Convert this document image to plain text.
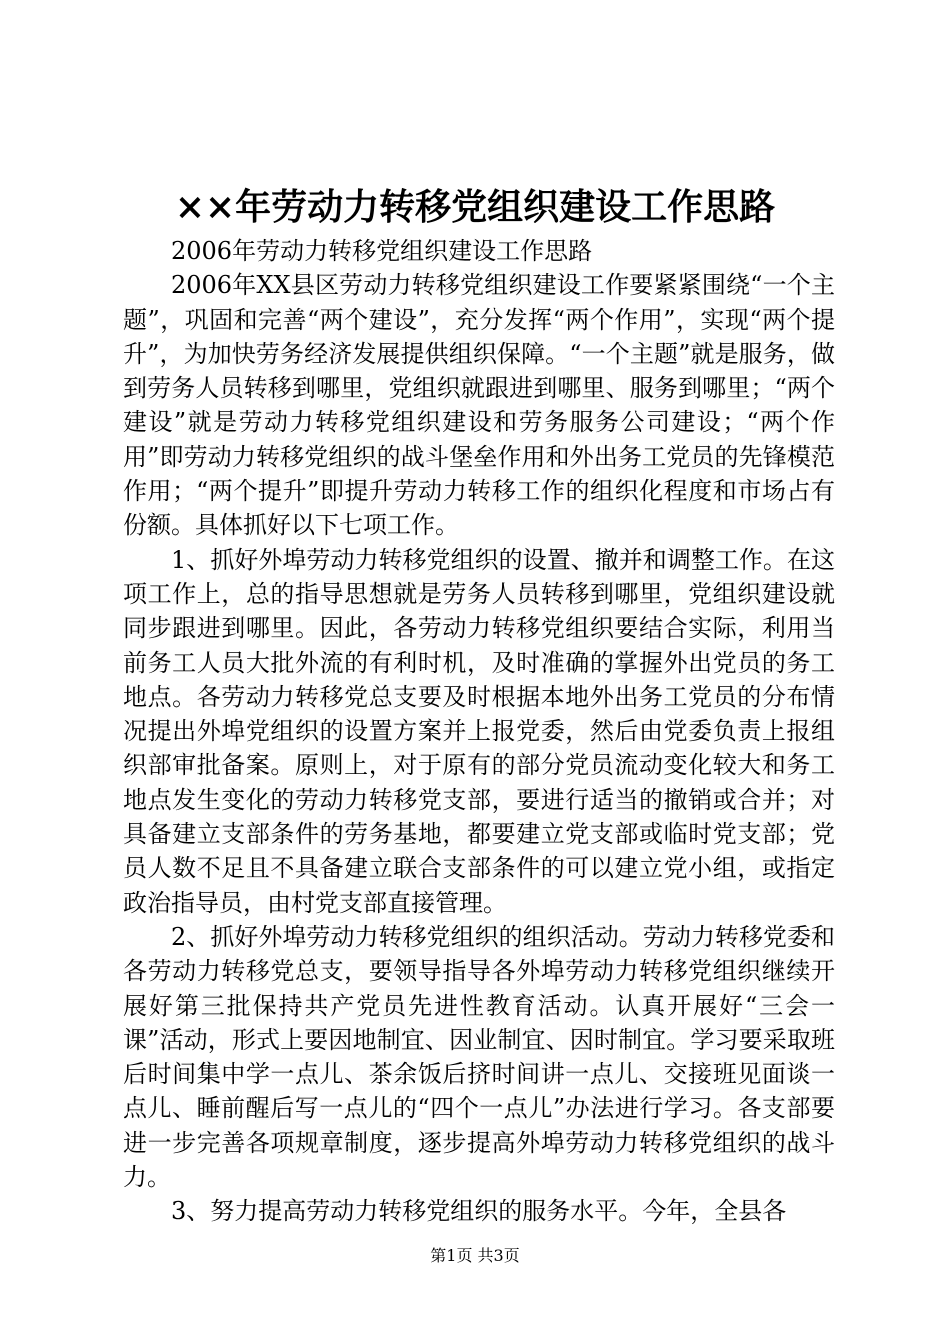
××年劳动力转移党组织建设工作思路

2006年劳动力转移党组织建设工作思路

2006年XX县区劳动力转移党组织建设工作要紧紧围绕“一个主题”，巩固和完善“两个建设”，充分发挥“两个作用”，实现“两个提升”，为加快劳务经济发展提供组织保障。“一个主题”就是服务，做到劳务人员转移到哪里，党组织就跟进到哪里、服务到哪里；“两个建设”就是劳动力转移党组织建设和劳务服务公司建设；“两个作用”即劳动力转移党组织的战斗堡垒作用和外出务工党员的先锋模范作用；“两个提升”即提升劳动力转移工作的组织化程度和市场占有份额。具体抓好以下七项工作。

1、抓好外埠劳动力转移党组织的设置、撤并和调整工作。在这项工作上，总的指导思想就是劳务人员转移到哪里，党组织建设就同步跟进到哪里。因此，各劳动力转移党组织要结合实际，利用当前务工人员大批外流的有利时机，及时准确的掌握外出党员的务工地点。各劳动力转移党总支要及时根据本地外出务工党员的分布情况提出外埠党组织的设置方案并上报党委，然后由党委负责上报组织部审批备案。原则上，对于原有的部分党员流动变化较大和务工地点发生变化的劳动力转移党支部，要进行适当的撤销或合并；对具备建立支部条件的劳务基地，都要建立党支部或临时党支部；党员人数不足且不具备建立联合支部条件的可以建立党小组，或指定政治指导员，由村党支部直接管理。

2、抓好外埠劳动力转移党组织的组织活动。劳动力转移党委和各劳动力转移党总支，要领导指导各外埠劳动力转移党组织继续开展好第三批保持共产党员先进性教育活动。认真开展好“三会一课”活动，形式上要因地制宜、因业制宜、因时制宜。学习要采取班后时间集中学一点儿、茶余饭后挤时间讲一点儿、交接班见面谈一点儿、睡前醒后写一点儿的“四个一点儿”办法进行学习。各支部要进一步完善各项规章制度，逐步提高外埠劳动力转移党组织的战斗力。

3、努力提高劳动力转移党组织的服务水平。今年，全县各

第1页 共3页
